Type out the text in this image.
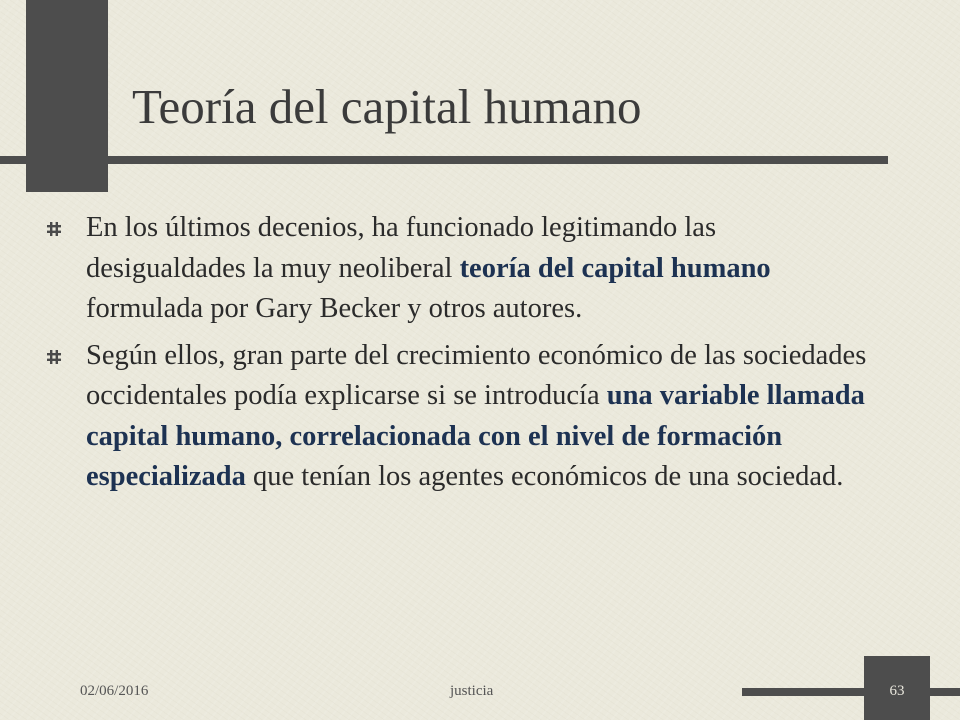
Teoría del capital humano
En los últimos decenios, ha funcionado legitimando las desigualdades la muy neoliberal teoría del capital humano formulada por Gary Becker y otros autores.
Según ellos, gran parte del crecimiento económico de las sociedades occidentales podía explicarse si se introducía una variable llamada capital humano, correlacionada con el nivel de formación especializada que tenían los agentes económicos de una sociedad.
02/06/2016	justicia	63
